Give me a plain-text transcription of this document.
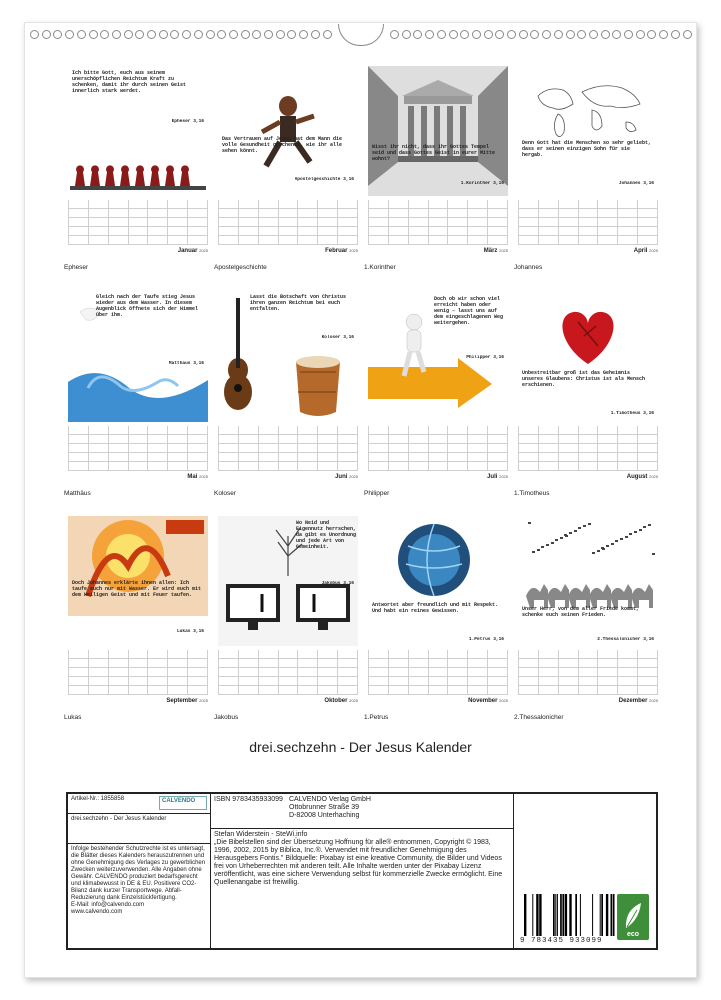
Ich bitte Gott, euch aus seinem unerschöpflichen Reichtum Kraft zu schenken, damit ihr durch seinen Geist innerlich stark werdet.
Epheser 3,16
Januar 2025
Epheser
Das Vertrauen auf Jesus hat dem Mann die volle Gesundheit geschenkt, wie ihr alle sehen könnt.
Apostelgeschichte 3,16
Februar 2025
Apostelgeschichte
Wisst ihr nicht, dass ihr Gottes Tempel seid und dass Gottes Geist in eurer Mitte wohnt?
1.Korinther 3,16
März 2025
1.Korinther
Denn Gott hat die Menschen so sehr geliebt, dass er seinen einzigen Sohn für sie hergab.
Johannes 3,16
April 2025
Johannes
Gleich nach der Taufe stieg Jesus wieder aus dem Wasser. In diesem Augenblick öffnete sich der Himmel über ihm.
Matthäus 3,16
Mai 2025
Matthäus
Lasst die Botschaft von Christus ihren ganzen Reichtum bei euch entfalten.
Koloser 3,16
Juni 2025
Koloser
Doch ob wir schon viel erreicht haben oder wenig – lasst uns auf dem eingeschlagenen Weg weitergehen.
Philipper 3,16
Juli 2025
Philipper
Unbestreitbar groß ist das Geheimnis unseres Glaubens: Christus ist als Mensch erschienen.
1.Timotheus 3,16
August 2025
1.Timotheus
Doch Johannes erklärte ihnen allen: Ich taufe euch nur mit Wasser. Er wird euch mit dem Heiligen Geist und mit Feuer taufen.
Lukas 3,16
September 2025
Lukas
Wo Neid und Eigennutz herrschen, da gibt es Unordnung und jede Art von Gemeinheit.
Jakobus 3,16
Oktober 2025
Jakobus
Antwortet aber freundlich und mit Respekt. Und habt ein reines Gewissen.
1.Petrus 3,16
November 2025
1.Petrus
Unser Herr, von dem aller Friede kommt, schenke euch seinen Frieden.
2.Thessalonicher 3,16
Dezember 2025
2.Thessalonicher
drei.sechzehn - Der Jesus Kalender
Artikel-Nr.: 1855858	CALVENDO
drei.sechzehn - Der Jesus Kalender
Infolge bestehender Schutzrechte ist es untersagt, die Blätter dieses Kalenders herauszutrennen und ohne Genehmigung des Verlages zu gewerblichen Zwecken weiterzuverwenden. Alle Angaben ohne Gewähr. CALVENDO produziert bedarfsgerecht und klimabewusst in DE & EU. Positivere CO2-Bilanz dank kurzer Transportwege. Abfall-Reduzierung dank Einzelstückfertigung.
E-Mail: info@calvendo.com
www.calvendo.com
ISBN 9783435933099 CALVENDO Verlag GmbH
Ottobrunner Straße 39
D-82008 Unterhaching
Stefan Widerstein - SteWi.info
„Die Bibelstellen sind der Übersetzung Hoffnung für alle® entnommen, Copyright © 1983, 1996, 2002, 2015 by Biblica, Inc.®. Verwendet mit freundlicher Genehmigung des Herausgebers Fontis." Bildquelle: Pixabay ist eine kreative Community, die Bilder und Videos frei von Urheberrechten mit anderen teilt. Alle Inhalte werden unter der Pixabay Lizenz veröffentlicht, was eine sichere Verwendung selbst für kommerzielle Zwecke ermöglicht. Eine Quellenangabe ist freiwillig.
9 783435 933099
eco
